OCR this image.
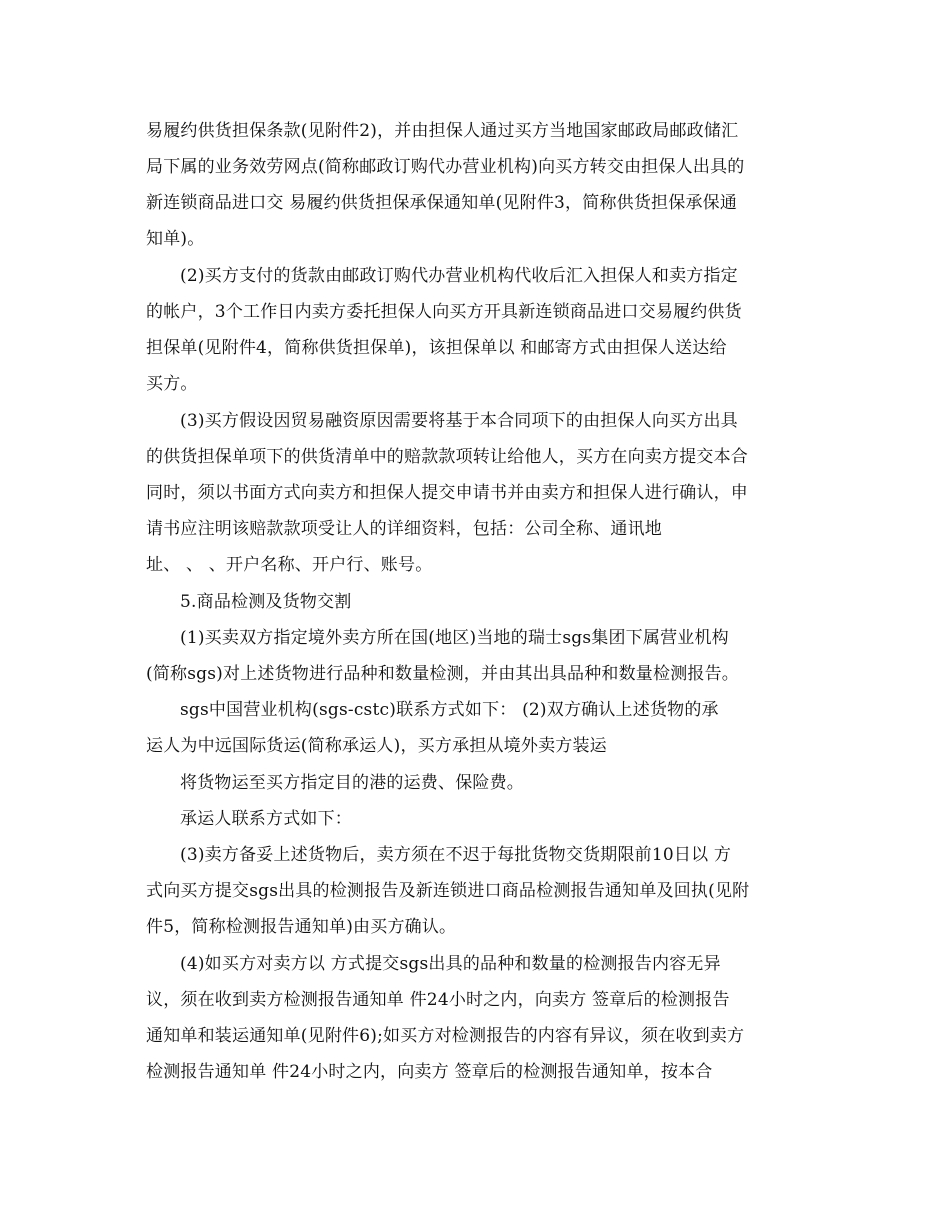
易履约供货担保条款(见附件2)，并由担保人通过买方当地国家邮政局邮政储汇
局下属的业务效劳网点(简称邮政订购代办营业机构)向买方转交由担保人出具的
新连锁商品进口交 易履约供货担保承保通知单(见附件3，简称供货担保承保通
知单)。
(2)买方支付的货款由邮政订购代办营业机构代收后汇入担保人和卖方指定
的帐户，3个工作日内卖方委托担保人向买方开具新连锁商品进口交易履约供货
担保单(见附件4，简称供货担保单)，该担保单以 和邮寄方式由担保人送达给
买方。
(3)买方假设因贸易融资原因需要将基于本合同项下的由担保人向买方出具
的供货担保单项下的供货清单中的赔款款项转让给他人，买方在向卖方提交本合
同时，须以书面方式向卖方和担保人提交申请书并由卖方和担保人进行确认，申
请书应注明该赔款款项受让人的详细资料，包括：公司全称、通讯地
址、 、 、开户名称、开户行、账号。
5.商品检测及货物交割
(1)买卖双方指定境外卖方所在国(地区)当地的瑞士sgs集团下属营业机构
(简称sgs)对上述货物进行品种和数量检测，并由其出具品种和数量检测报告。
sgs中国营业机构(sgs-cstc)联系方式如下： (2)双方确认上述货物的承
运人为中远国际货运(简称承运人)，买方承担从境外卖方装运
将货物运至买方指定目的港的运费、保险费。
承运人联系方式如下：
(3)卖方备妥上述货物后，卖方须在不迟于每批货物交货期限前10日以 方
式向买方提交sgs出具的检测报告及新连锁进口商品检测报告通知单及回执(见附
件5，简称检测报告通知单)由买方确认。
(4)如买方对卖方以 方式提交sgs出具的品种和数量的检测报告内容无异
议，须在收到卖方检测报告通知单 件24小时之内，向卖方 签章后的检测报告
通知单和装运通知单(见附件6);如买方对检测报告的内容有异议，须在收到卖方
检测报告通知单 件24小时之内，向卖方 签章后的检测报告通知单，按本合
